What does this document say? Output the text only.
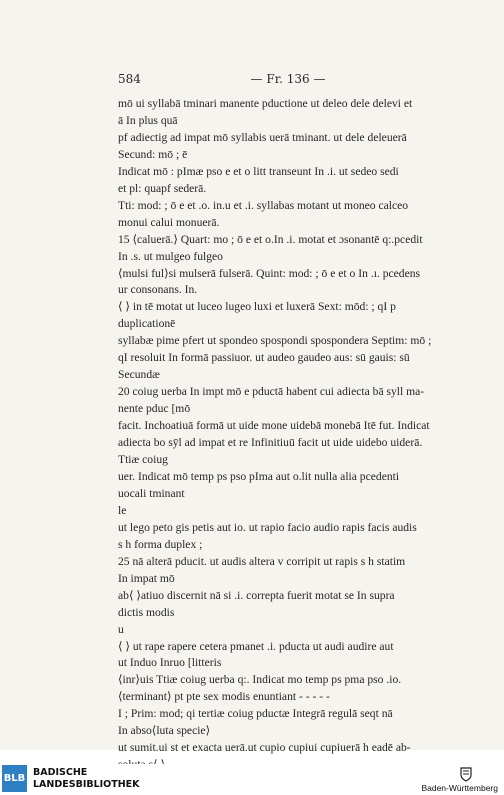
584	— Fr. 136 —

mō ui syllabā tminari manente pductione ut deleo dele delevi et

ā In plus quā

pf adiectig ad impat mō syllabis uerā tminant. ut dele deleuerā

Secund: mō ; ē

Indicat mō : pImæ pso e et o litt transeunt In .i. ut sedeo sedi

et pl: quapf sederā.

Tti: mod: ; ō e et .o. in.u et .i. syllabas motant ut moneo calceo

monui calui monuerā.

15 ⟨caluerā.⟩ Quart: mo ; ō e et o.In .i. motat et ɔsonantē q:.pcedit

In .s. ut mulgeo fulgeo

⟨mulsi ful⟩si mulserā fulserā. Quint: mod: ; ō e et o In .ı. pcedens

ur consonans. In.

⟨ ⟩ in tē motat ut luceo lugeo luxi et luxerā Sext: mōd: ; qI p

duplicationē

syllabæ pime pfert ut spondeo spospondi spospondera Septim: mō ;

qI resoluit In formā passiuor. ut audeo gaudeo aus: sū gauis: sū

Secundæ

20 coiug uerba In impt mō e pductā habent cui adiecta bā syll ma-

nente pduc [mō

facit. Inchoatiuā formā ut uide mone uidebā monebā Itē fut. Indicat

adiecta bo sȳl ad impat et re Infinitiuū facit ut uide uidebo uiderā.

Ttiæ coiug

uer. Indicat mō temp ps pso pIma aut o.lit nulla alia pcedenti

uocali tminant

le

ut lego peto gis petis aut io. ut rapio facio audio rapis facis audis

s h forma duplex ;

25 nā alterā pducit. ut audis altera v corripit ut rapis s h statim

In impat mō

ab⟨ ⟩atiuo discernit nā si .i. correpta fuerit motat se In supra

dictis modis

u

⟨ ⟩ ut rape rapere cetera pmanet .i. pducta ut audi audire aut

ut Induo Inruo [litteris

⟨inr⟩uis Ttiæ coiug uerba q:. Indicat mo temp ps pma pso .io.

⟨terminant⟩ pt pte sex modis enuntiant - - - - -

I ; Prim: mod; qi tertiæ coiug pductæ Integrā regulā seqt nā

In abso⟨luta specie⟩

ut sumit.ui st et exacta uerā.ut cupio cupiui cupiuerā h eadē ab-

BLB
BADISCHE
LANDESBIBLIOTHEK	Baden-Württemberg
